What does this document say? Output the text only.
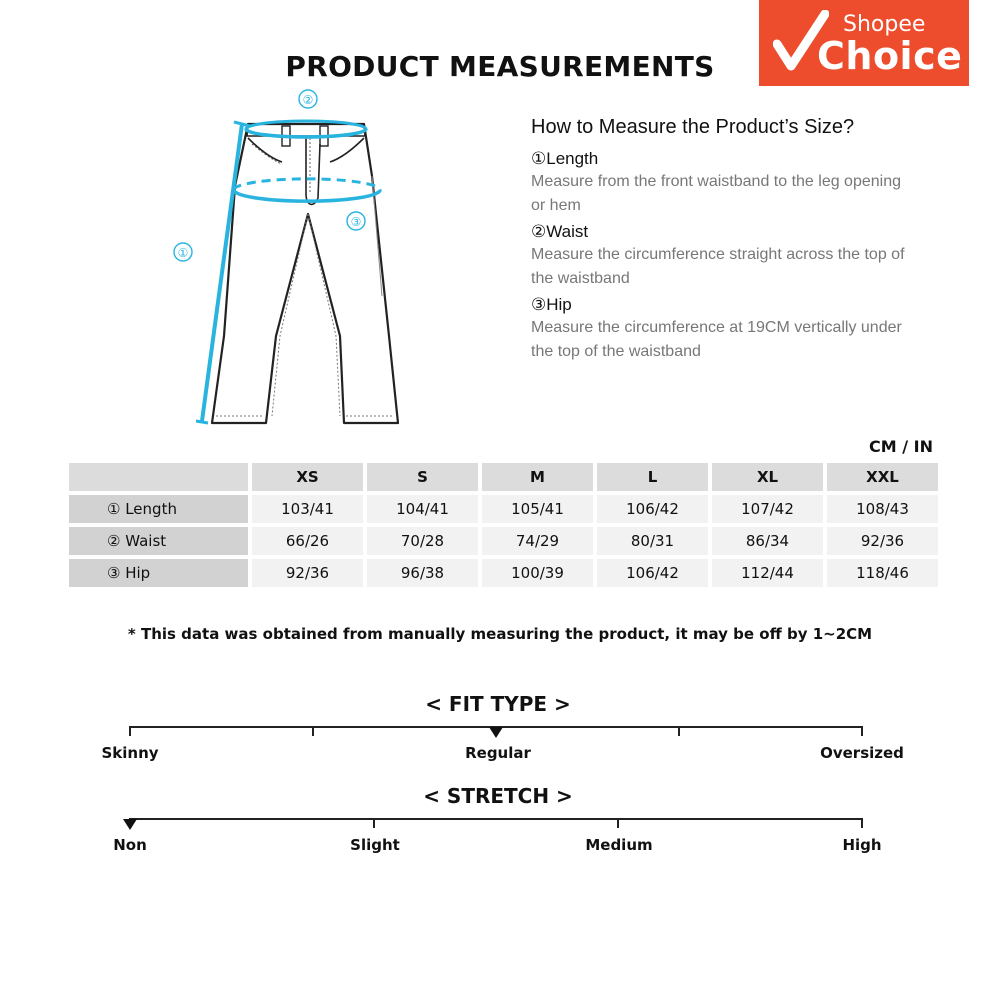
Shopee
Choice
PRODUCT MEASUREMENTS
①
②
③
How to Measure the Product’s Size?
①Length
Measure from the front waistband to the leg opening or hem
②Waist
Measure the circumference straight across the top of the waistband
③Hip
Measure the circumference at 19CM vertically under the top of the waistband
CM / IN
	XS	S	M	L	XL	XXL
① Length	103/41	104/41	105/41	106/42	107/42	108/43
② Waist	66/26	70/28	74/29	80/31	86/34	92/36
③ Hip	92/36	96/38	100/39	106/42	112/44	118/46
* This data was obtained from manually measuring the product, it may be off by 1~2CM
< FIT TYPE >
Skinny	Regular	Oversized
< STRETCH >
Non	Slight	Medium	High
